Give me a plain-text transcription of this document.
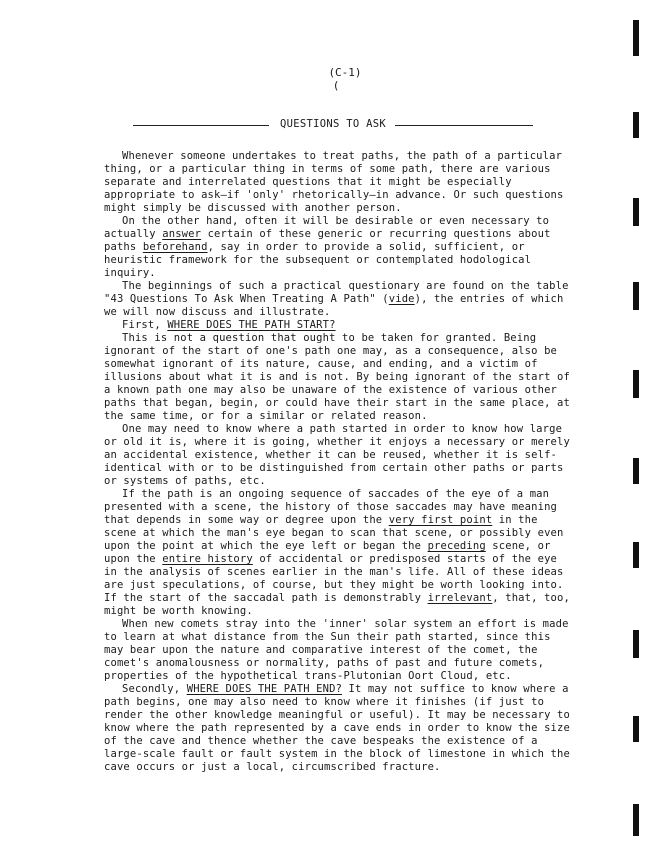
(C-1)
(
QUESTIONS TO ASK

Whenever someone undertakes to treat paths, the path of a particular thing, or a particular thing in terms of some path, there are various separate and interrelated questions that it might be especially appropriate to ask—if 'only' rhetorically—in advance. Or such questions might simply be discussed with another person.

On the other hand, often it will be desirable or even necessary to actually answer certain of these generic or recurring questions about paths beforehand, say in order to provide a solid, sufficient, or heuristic framework for the subsequent or contemplated hodological inquiry.

The beginnings of such a practical questionary are found on the table "43 Questions To Ask When Treating A Path" (vide), the entries of which we will now discuss and illustrate.

First, WHERE DOES THE PATH START?

This is not a question that ought to be taken for granted. Being ignorant of the start of one's path one may, as a consequence, also be somewhat ignorant of its nature, cause, and ending, and a victim of illusions about what it is and is not. By being ignorant of the start of a known path one may also be unaware of the existence of various other paths that began, begin, or could have their start in the same place, at the same time, or for a similar or related reason.

One may need to know where a path started in order to know how large or old it is, where it is going, whether it enjoys a necessary or merely an accidental existence, whether it can be reused, whether it is self-identical with or to be distinguished from certain other paths or parts or systems of paths, etc.

If the path is an ongoing sequence of saccades of the eye of a man presented with a scene, the history of those saccades may have meaning that depends in some way or degree upon the very first point in the scene at which the man's eye began to scan that scene, or possibly even upon the point at which the eye left or began the preceding scene, or upon the entire history of accidental or predisposed starts of the eye in the analysis of scenes earlier in the man's life. All of these ideas are just speculations, of course, but they might be worth looking into. If the start of the saccadal path is demonstrably irrelevant, that, too, might be worth knowing.

When new comets stray into the 'inner' solar system an effort is made to learn at what distance from the Sun their path started, since this may bear upon the nature and comparative interest of the comet, the comet's anomalousness or normality, paths of past and future comets, properties of the hypothetical trans-Plutonian Oort Cloud, etc.

Secondly, WHERE DOES THE PATH END? It may not suffice to know where a path begins, one may also need to know where it finishes (if just to render the other knowledge meaningful or useful). It may be necessary to know where the path represented by a cave ends in order to know the size of the cave and thence whether the cave bespeaks the existence of a large-scale fault or fault system in the block of limestone in which the cave occurs or just a local, circumscribed fracture.
